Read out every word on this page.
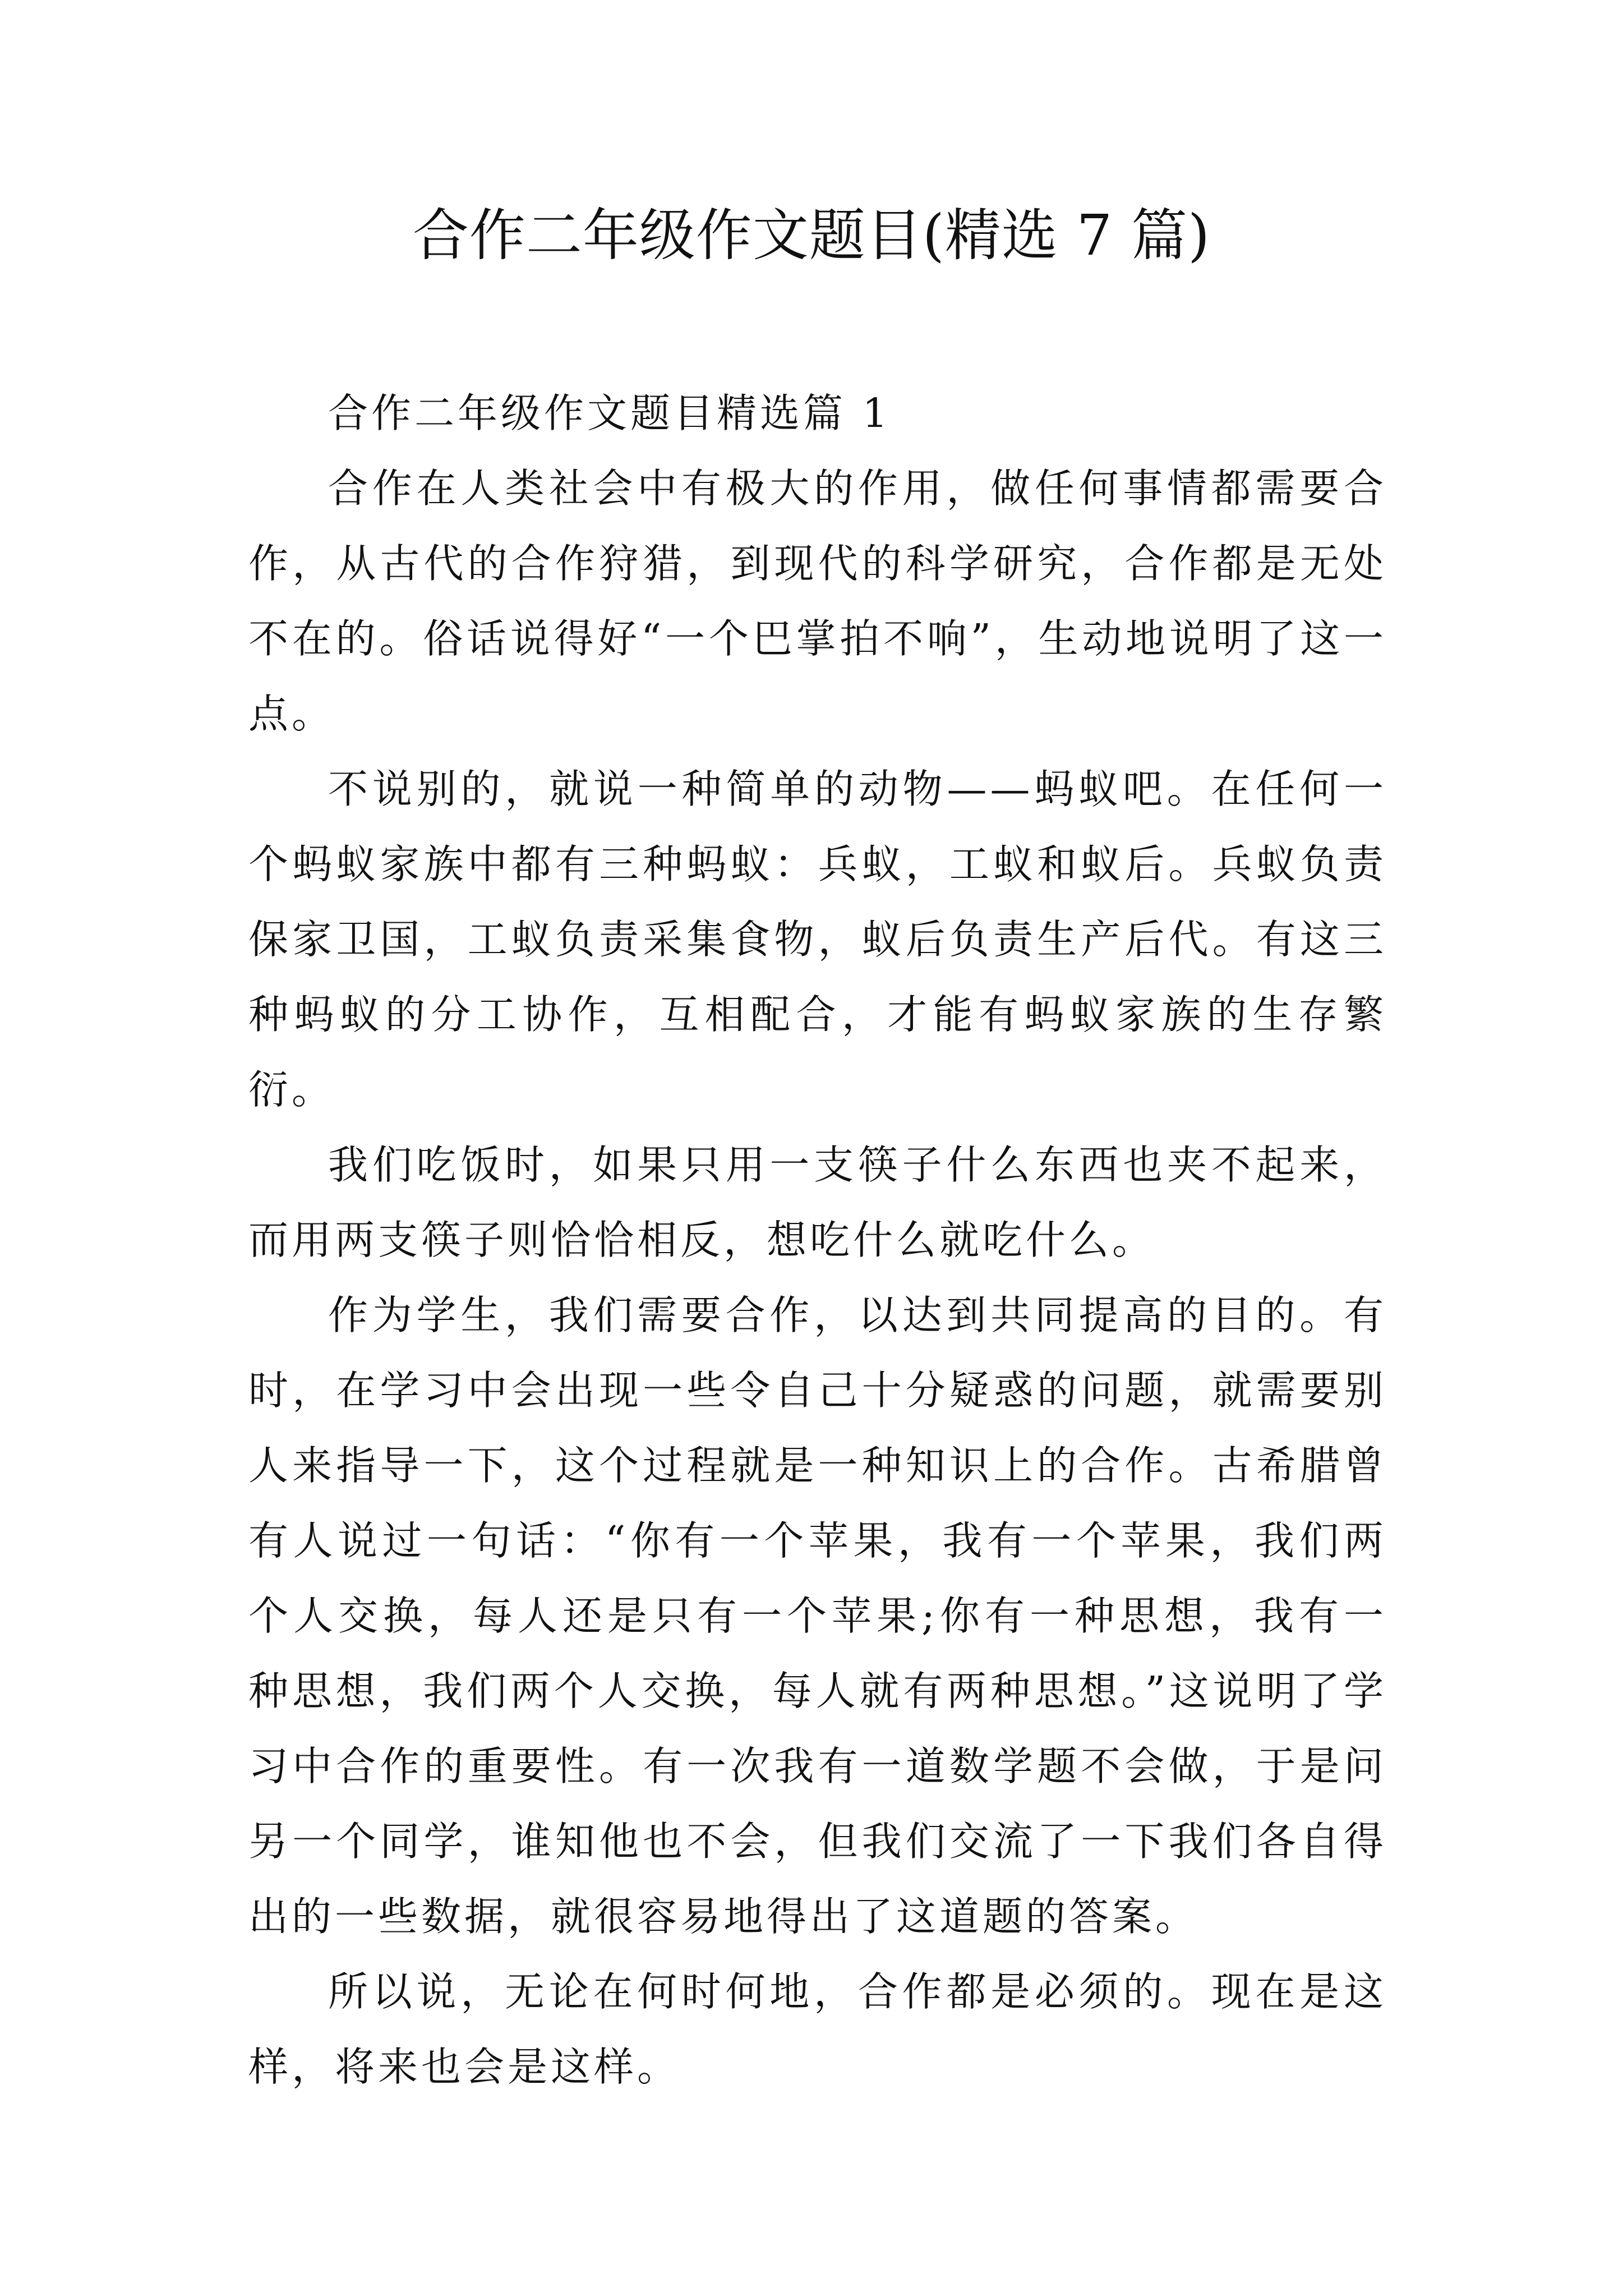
合作二年级作文题目(精选 7 篇)

合作二年级作文题目精选篇 1

合作在人类社会中有极大的作用，做任何事情都需要合作，从古代的合作狩猎，到现代的科学研究，合作都是无处不在的。俗话说得好“一个巴掌拍不响”，生动地说明了这一点。

不说别的，就说一种简单的动物——蚂蚁吧。在任何一个蚂蚁家族中都有三种蚂蚁：兵蚁，工蚁和蚁后。兵蚁负责保家卫国，工蚁负责采集食物，蚁后负责生产后代。有这三种蚂蚁的分工协作，互相配合，才能有蚂蚁家族的生存繁衍。

我们吃饭时，如果只用一支筷子什么东西也夹不起来，而用两支筷子则恰恰相反，想吃什么就吃什么。

作为学生，我们需要合作，以达到共同提高的目的。有时，在学习中会出现一些令自己十分疑惑的问题，就需要别人来指导一下，这个过程就是一种知识上的合作。古希腊曾有人说过一句话：“你有一个苹果，我有一个苹果，我们两个人交换，每人还是只有一个苹果;你有一种思想，我有一种思想，我们两个人交换，每人就有两种思想。”这说明了学习中合作的重要性。有一次我有一道数学题不会做，于是问另一个同学，谁知他也不会，但我们交流了一下我们各自得出的一些数据，就很容易地得出了这道题的答案。

所以说，无论在何时何地，合作都是必须的。现在是这样，将来也会是这样。
